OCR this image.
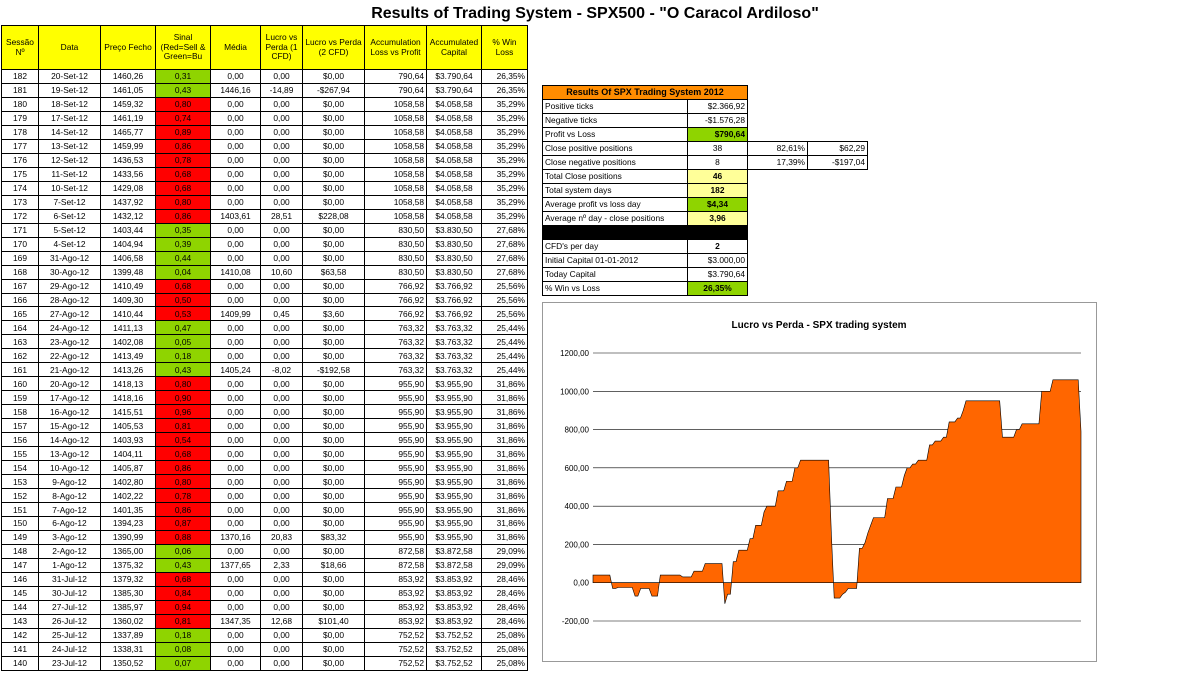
Results of Trading System - SPX500 - "O Caracol Ardiloso"
Sessão Nº	Data	Preço Fecho	Sinal (Red=Sell & Green=Bu	Média	Lucro vs Perda (1 CFD)	Lucro vs Perda (2 CFD)	Accumulation Loss vs Profit	Accumulated Capital	% Win Loss
182	20-Set-12	1460,26	0,31	0,00	0,00	$0,00	790,64	$3.790,64	26,35%
181	19-Set-12	1461,05	0,43	1446,16	-14,89	-$267,94	790,64	$3.790,64	26,35%
180	18-Set-12	1459,32	0,80	0,00	0,00	$0,00	1058,58	$4.058,58	35,29%
179	17-Set-12	1461,19	0,74	0,00	0,00	$0,00	1058,58	$4.058,58	35,29%
178	14-Set-12	1465,77	0,89	0,00	0,00	$0,00	1058,58	$4.058,58	35,29%
177	13-Set-12	1459,99	0,86	0,00	0,00	$0,00	1058,58	$4.058,58	35,29%
176	12-Set-12	1436,53	0,78	0,00	0,00	$0,00	1058,58	$4.058,58	35,29%
175	11-Set-12	1433,56	0,68	0,00	0,00	$0,00	1058,58	$4.058,58	35,29%
174	10-Set-12	1429,08	0,68	0,00	0,00	$0,00	1058,58	$4.058,58	35,29%
173	7-Set-12	1437,92	0,80	0,00	0,00	$0,00	1058,58	$4.058,58	35,29%
172	6-Set-12	1432,12	0,86	1403,61	28,51	$228,08	1058,58	$4.058,58	35,29%
171	5-Set-12	1403,44	0,35	0,00	0,00	$0,00	830,50	$3.830,50	27,68%
170	4-Set-12	1404,94	0,39	0,00	0,00	$0,00	830,50	$3.830,50	27,68%
169	31-Ago-12	1406,58	0,44	0,00	0,00	$0,00	830,50	$3.830,50	27,68%
168	30-Ago-12	1399,48	0,04	1410,08	10,60	$63,58	830,50	$3.830,50	27,68%
167	29-Ago-12	1410,49	0,68	0,00	0,00	$0,00	766,92	$3.766,92	25,56%
166	28-Ago-12	1409,30	0,50	0,00	0,00	$0,00	766,92	$3.766,92	25,56%
165	27-Ago-12	1410,44	0,53	1409,99	0,45	$3,60	766,92	$3.766,92	25,56%
164	24-Ago-12	1411,13	0,47	0,00	0,00	$0,00	763,32	$3.763,32	25,44%
163	23-Ago-12	1402,08	0,05	0,00	0,00	$0,00	763,32	$3.763,32	25,44%
162	22-Ago-12	1413,49	0,18	0,00	0,00	$0,00	763,32	$3.763,32	25,44%
161	21-Ago-12	1413,26	0,43	1405,24	-8,02	-$192,58	763,32	$3.763,32	25,44%
160	20-Ago-12	1418,13	0,80	0,00	0,00	$0,00	955,90	$3.955,90	31,86%
159	17-Ago-12	1418,16	0,90	0,00	0,00	$0,00	955,90	$3.955,90	31,86%
158	16-Ago-12	1415,51	0,96	0,00	0,00	$0,00	955,90	$3.955,90	31,86%
157	15-Ago-12	1405,53	0,81	0,00	0,00	$0,00	955,90	$3.955,90	31,86%
156	14-Ago-12	1403,93	0,54	0,00	0,00	$0,00	955,90	$3.955,90	31,86%
155	13-Ago-12	1404,11	0,68	0,00	0,00	$0,00	955,90	$3.955,90	31,86%
154	10-Ago-12	1405,87	0,86	0,00	0,00	$0,00	955,90	$3.955,90	31,86%
153	9-Ago-12	1402,80	0,80	0,00	0,00	$0,00	955,90	$3.955,90	31,86%
152	8-Ago-12	1402,22	0,78	0,00	0,00	$0,00	955,90	$3.955,90	31,86%
151	7-Ago-12	1401,35	0,86	0,00	0,00	$0,00	955,90	$3.955,90	31,86%
150	6-Ago-12	1394,23	0,87	0,00	0,00	$0,00	955,90	$3.955,90	31,86%
149	3-Ago-12	1390,99	0,88	1370,16	20,83	$83,32	955,90	$3.955,90	31,86%
148	2-Ago-12	1365,00	0,06	0,00	0,00	$0,00	872,58	$3.872,58	29,09%
147	1-Ago-12	1375,32	0,43	1377,65	2,33	$18,66	872,58	$3.872,58	29,09%
146	31-Jul-12	1379,32	0,68	0,00	0,00	$0,00	853,92	$3.853,92	28,46%
145	30-Jul-12	1385,30	0,84	0,00	0,00	$0,00	853,92	$3.853,92	28,46%
144	27-Jul-12	1385,97	0,94	0,00	0,00	$0,00	853,92	$3.853,92	28,46%
143	26-Jul-12	1360,02	0,81	1347,35	12,68	$101,40	853,92	$3.853,92	28,46%
142	25-Jul-12	1337,89	0,18	0,00	0,00	$0,00	752,52	$3.752,52	25,08%
141	24-Jul-12	1338,31	0,08	0,00	0,00	$0,00	752,52	$3.752,52	25,08%
140	23-Jul-12	1350,52	0,07	0,00	0,00	$0,00	752,52	$3.752,52	25,08%
Results Of SPX Trading System 2012			
Positive ticks	$2.366,92		
Negative ticks	-$1.576,28		
Profit vs Loss	$790,64		
Close positive positions	38	82,61%	$62,29
Close negative positions	8	17,39%	-$197,04
Total Close positions	46		
Total system days	182		
Average profit vs loss day	$4,34		
Average nº day - close positions	3,96		

CFD's per day	2		
Initial Capital 01-01-2012	$3.000,00		
Today Capital	$3.790,64		
% Win vs Loss	26,35%		
Lucro vs Perda - SPX trading system
1200,00
1000,00
800,00
600,00
400,00
200,00
0,00
-200,00
